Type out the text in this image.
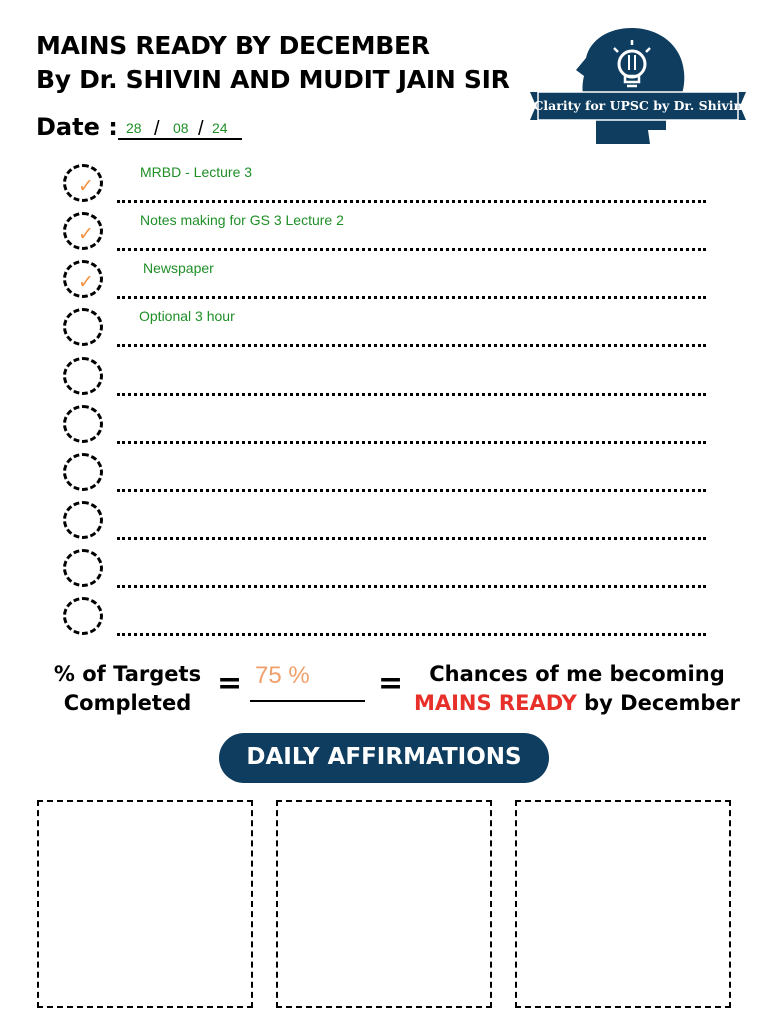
MAINS READY BY DECEMBER
By Dr. SHIVIN AND MUDIT JAIN SIR
Clarity for UPSC by Dr. Shivin
Date : 28 / 08 / 24
✓
MRBD - Lecture 3
✓
Notes making for GS 3 Lecture 2
✓
Newspaper
Optional 3 hour
% of Targets
Completed
= 75 % =	Chances of me becoming
MAINS READY by December
DAILY AFFIRMATIONS
